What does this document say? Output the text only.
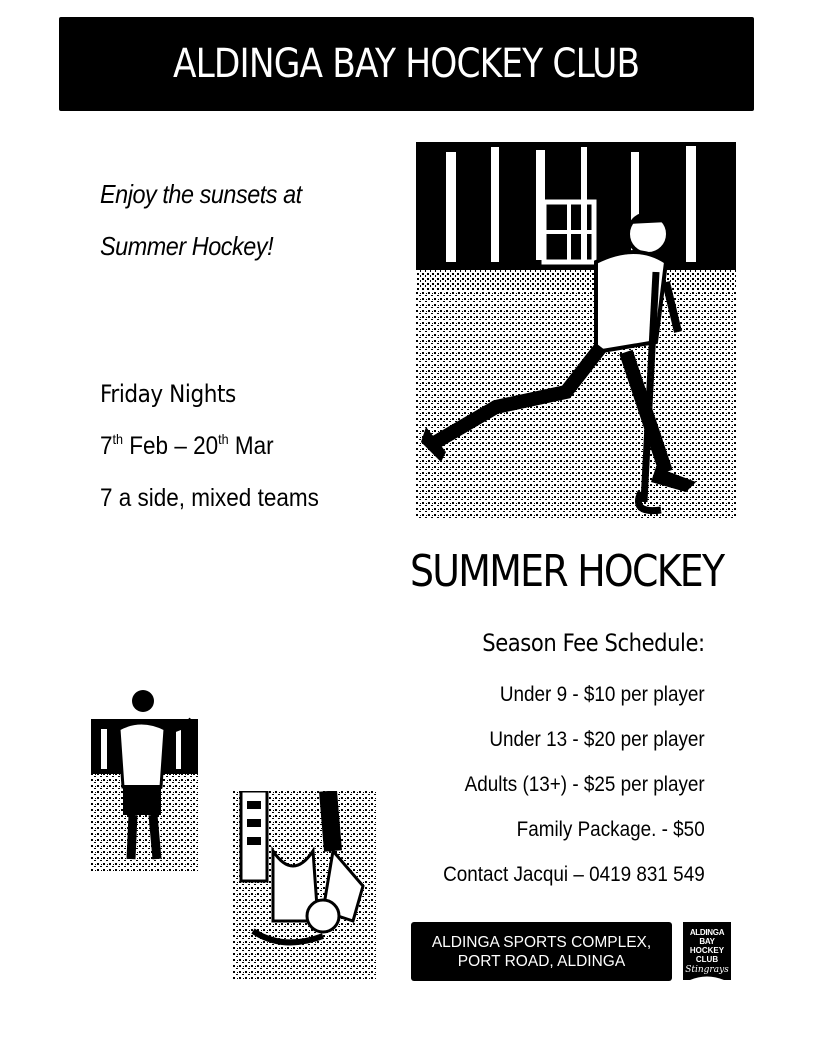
ALDINGA BAY HOCKEY CLUB
Enjoy the sunsets at
Summer Hockey!
Friday Nights
7th Feb – 20th Mar
7 a side, mixed teams
SUMMER HOCKEY
Season Fee Schedule:
Under 9 - $10 per player
Under 13 - $20 per player
Adults (13+) - $25 per player
Family Package. - $50
Contact Jacqui – 0419 831 549
ALDINGA SPORTS COMPLEX,
PORT ROAD, ALDINGA
ALDINGA BAY
HOCKEY CLUB
Stingrays
